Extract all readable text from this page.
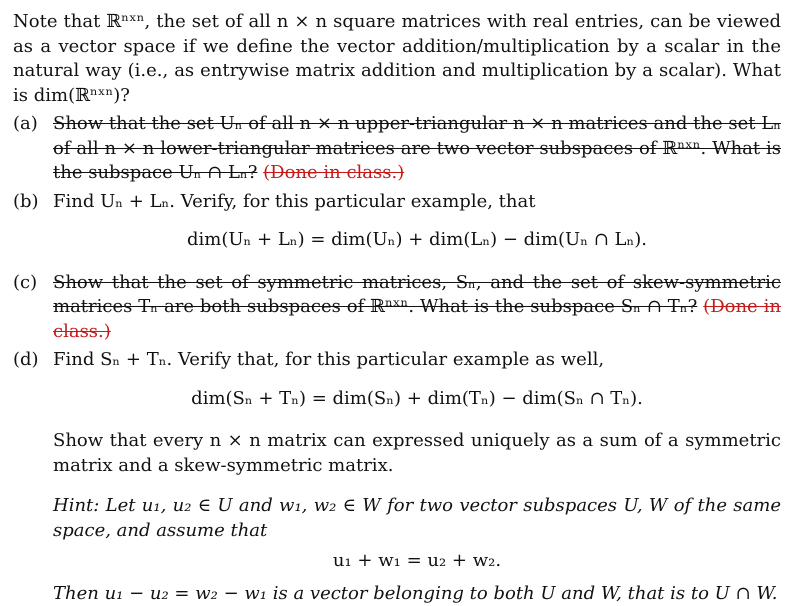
Note that ℝⁿˣⁿ, the set of all n × n square matrices with real entries, can be viewed as a vector space if we define the vector addition/multiplication by a scalar in the natural way (i.e., as entrywise matrix addition and multiplication by a scalar). What is dim(ℝⁿˣⁿ)?

(a) Show that the set Uₙ of all n × n upper-triangular n × n matrices and the set Lₙ of all n × n lower-triangular matrices are two vector subspaces of ℝⁿˣⁿ. What is the subspace Uₙ ∩ Lₙ? (Done in class.)
(b) Find Uₙ + Lₙ. Verify, for this particular example, that
dim(Uₙ + Lₙ) = dim(Uₙ) + dim(Lₙ) − dim(Uₙ ∩ Lₙ).
(c) Show that the set of symmetric matrices, Sₙ, and the set of skew-symmetric matrices Tₙ are both subspaces of ℝⁿˣⁿ. What is the subspace Sₙ ∩ Tₙ? (Done in class.)
(d) Find Sₙ + Tₙ. Verify that, for this particular example as well,
dim(Sₙ + Tₙ) = dim(Sₙ) + dim(Tₙ) − dim(Sₙ ∩ Tₙ).
Show that every n × n matrix can expressed uniquely as a sum of a symmetric matrix and a skew-symmetric matrix.
Hint: Let u₁, u₂ ∈ U and w₁, w₂ ∈ W for two vector subspaces U, W of the same space, and assume that
u₁ + w₁ = u₂ + w₂.
Then u₁ − u₂ = w₂ − w₁ is a vector belonging to both U and W, that is to U ∩ W.
